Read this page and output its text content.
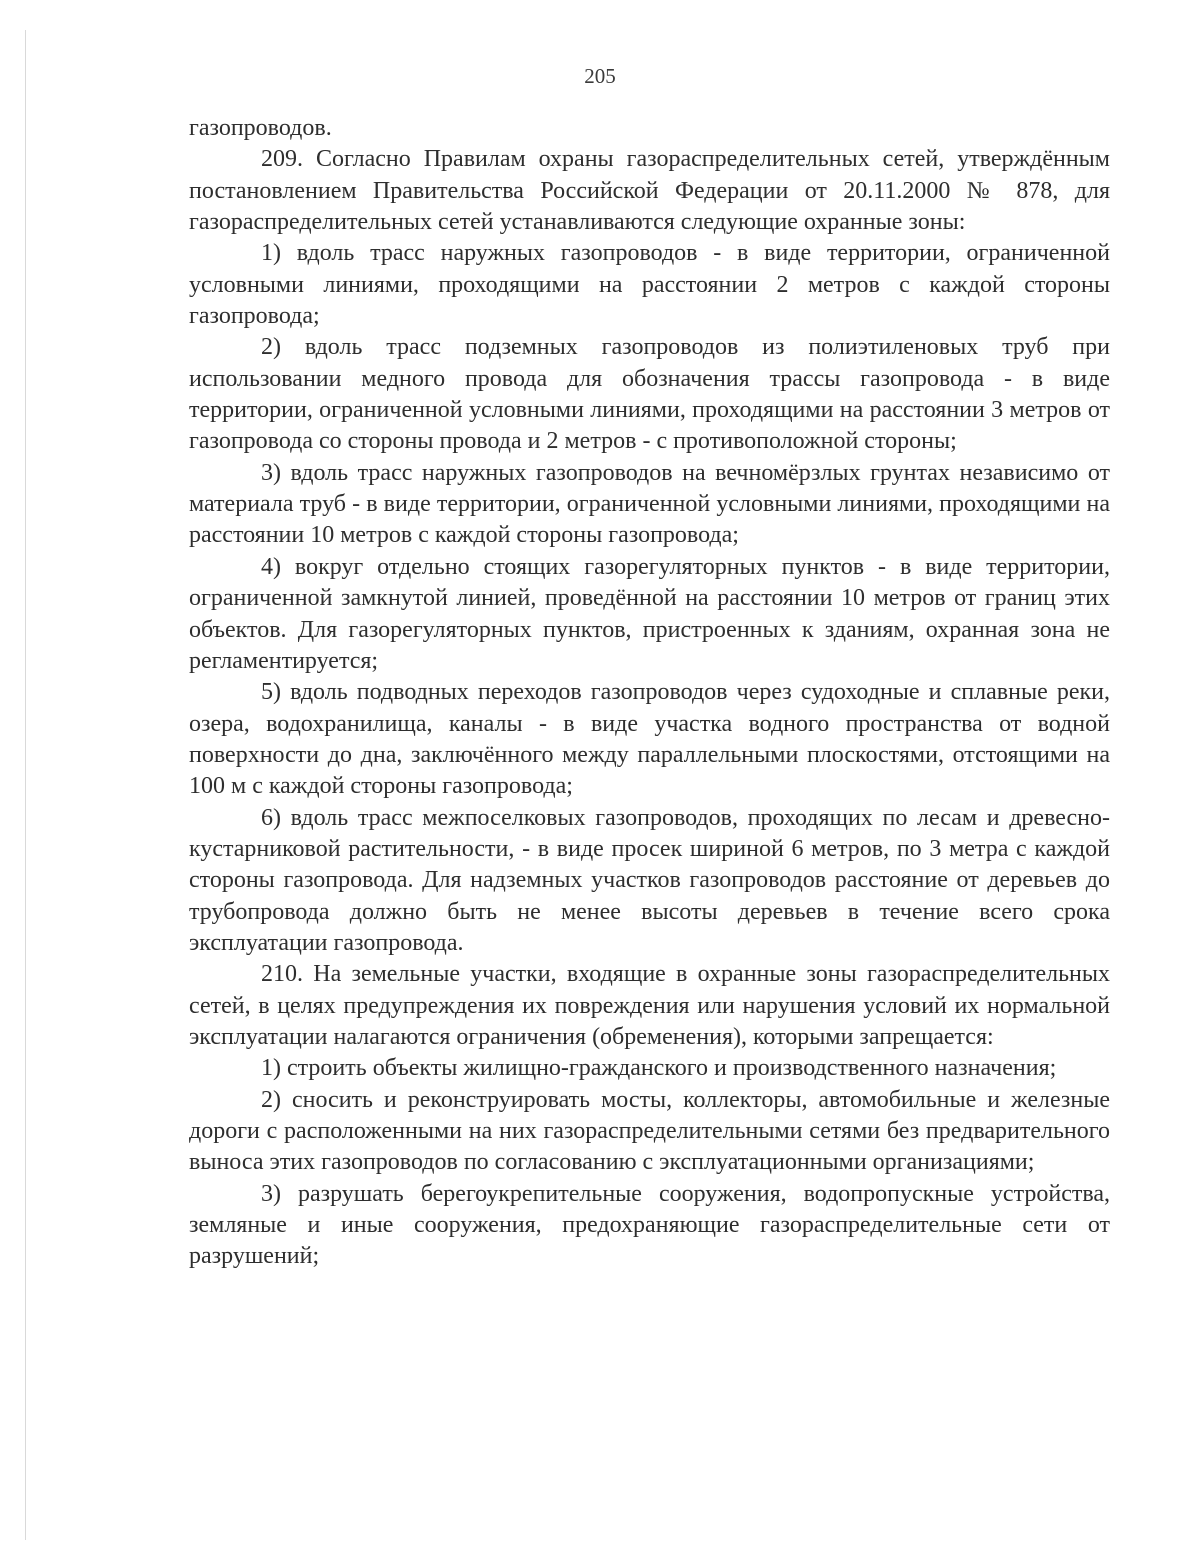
205

газопроводов.

209. Согласно Правилам охраны газораспределительных сетей, утверждённым постановлением Правительства Российской Федерации от 20.11.2000 № 878, для газораспределительных сетей устанавливаются следующие охранные зоны:

1) вдоль трасс наружных газопроводов - в виде территории, ограниченной условными линиями, проходящими на расстоянии 2 метров с каждой стороны газопровода;

2) вдоль трасс подземных газопроводов из полиэтиленовых труб при использовании медного провода для обозначения трассы газопровода - в виде территории, ограниченной условными линиями, проходящими на расстоянии 3 метров от газопровода со стороны провода и 2 метров - с противоположной стороны;

3) вдоль трасс наружных газопроводов на вечномёрзлых грунтах независимо от материала труб - в виде территории, ограниченной условными линиями, проходящими на расстоянии 10 метров с каждой стороны газопровода;

4) вокруг отдельно стоящих газорегуляторных пунктов - в виде территории, ограниченной замкнутой линией, проведённой на расстоянии 10 метров от границ этих объектов. Для газорегуляторных пунктов, пристроенных к зданиям, охранная зона не регламентируется;

5) вдоль подводных переходов газопроводов через судоходные и сплавные реки, озера, водохранилища, каналы - в виде участка водного пространства от водной поверхности до дна, заключённого между параллельными плоскостями, отстоящими на 100 м с каждой стороны газопровода;

6) вдоль трасс межпоселковых газопроводов, проходящих по лесам и древесно-кустарниковой растительности, - в виде просек шириной 6 метров, по 3 метра с каждой стороны газопровода. Для надземных участков газопроводов расстояние от деревьев до трубопровода должно быть не менее высоты деревьев в течение всего срока эксплуатации газопровода.

210. На земельные участки, входящие в охранные зоны газораспределительных сетей, в целях предупреждения их повреждения или нарушения условий их нормальной эксплуатации налагаются ограничения (обременения), которыми запрещается:

1) строить объекты жилищно-гражданского и производственного назначения;

2) сносить и реконструировать мосты, коллекторы, автомобильные и железные дороги с расположенными на них газораспределительными сетями без предварительного выноса этих газопроводов по согласованию с эксплуатационными организациями;

3) разрушать берегоукрепительные сооружения, водопропускные устройства, земляные и иные сооружения, предохраняющие газораспределительные сети от разрушений;
